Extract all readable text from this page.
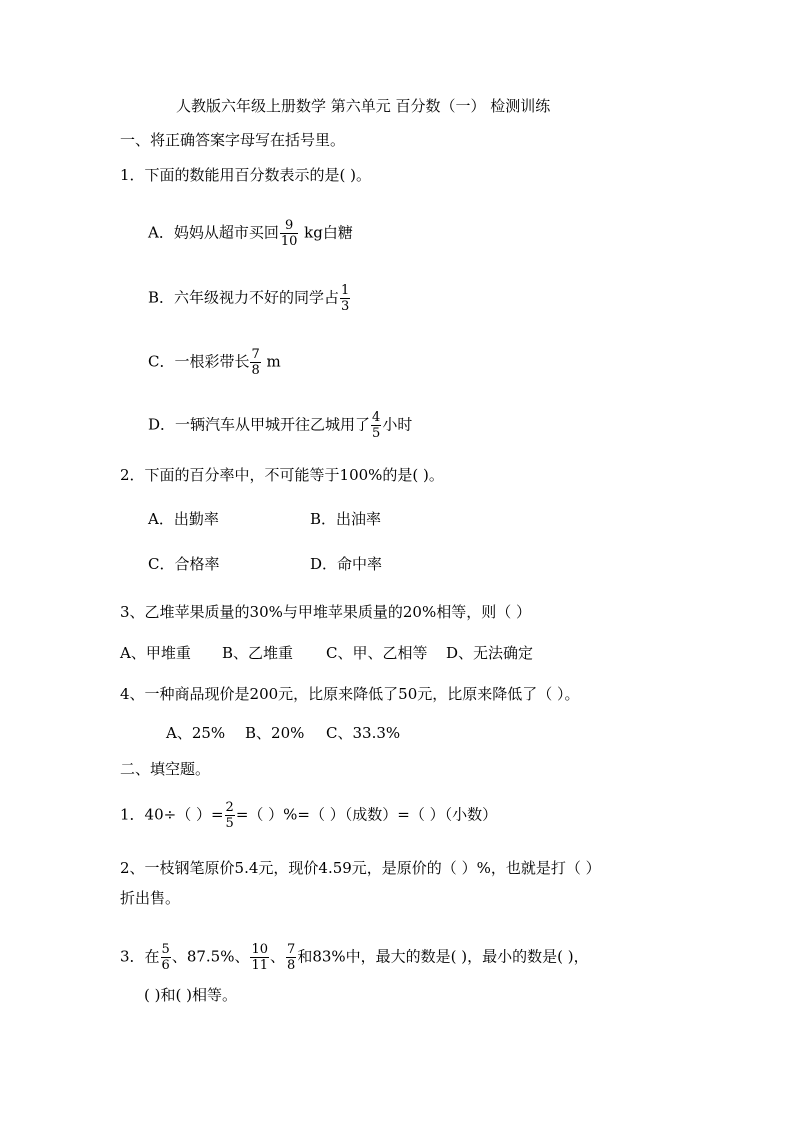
人教版六年级上册数学 第六单元 百分数（一） 检测训练
一、将正确答案字母写在括号里。
1．下面的数能用百分数表示的是( )。
A．妈妈从超市买回 $\frac{9}{10}$ kg白糖
B．六年级视力不好的同学占 $\frac{1}{3}$
C．一根彩带长 $\frac{7}{8}$ m
D．一辆汽车从甲城开往乙城用了 $\frac{4}{5}$ 小时
2．下面的百分率中，不可能等于100%的是( )。
A．出勤率	B．出油率
C．合格率	D．命中率
3、乙堆苹果质量的30%与甲堆苹果质量的20%相等，则（ ）
A、甲堆重 B、乙堆重 C、甲、乙相等 D、无法确定
4、一种商品现价是200元，比原来降低了50元，比原来降低了（ ）。
A、25% B、20% C、33.3%
二、填空题。
1．40÷（ ）= $\frac{2}{5}$ =（ ）%=（ ）（成数）=（ ）（小数）
2、一枝钢笔原价5.4元，现价4.59元，是原价的（ ）%，也就是打（ ）
折出售。
3．在 $\frac{5}{6}$ 、87.5%、 $\frac{10}{11}$ 、 $\frac{7}{8}$ 和83%中，最大的数是( )，最小的数是( )，
( )和( )相等。
